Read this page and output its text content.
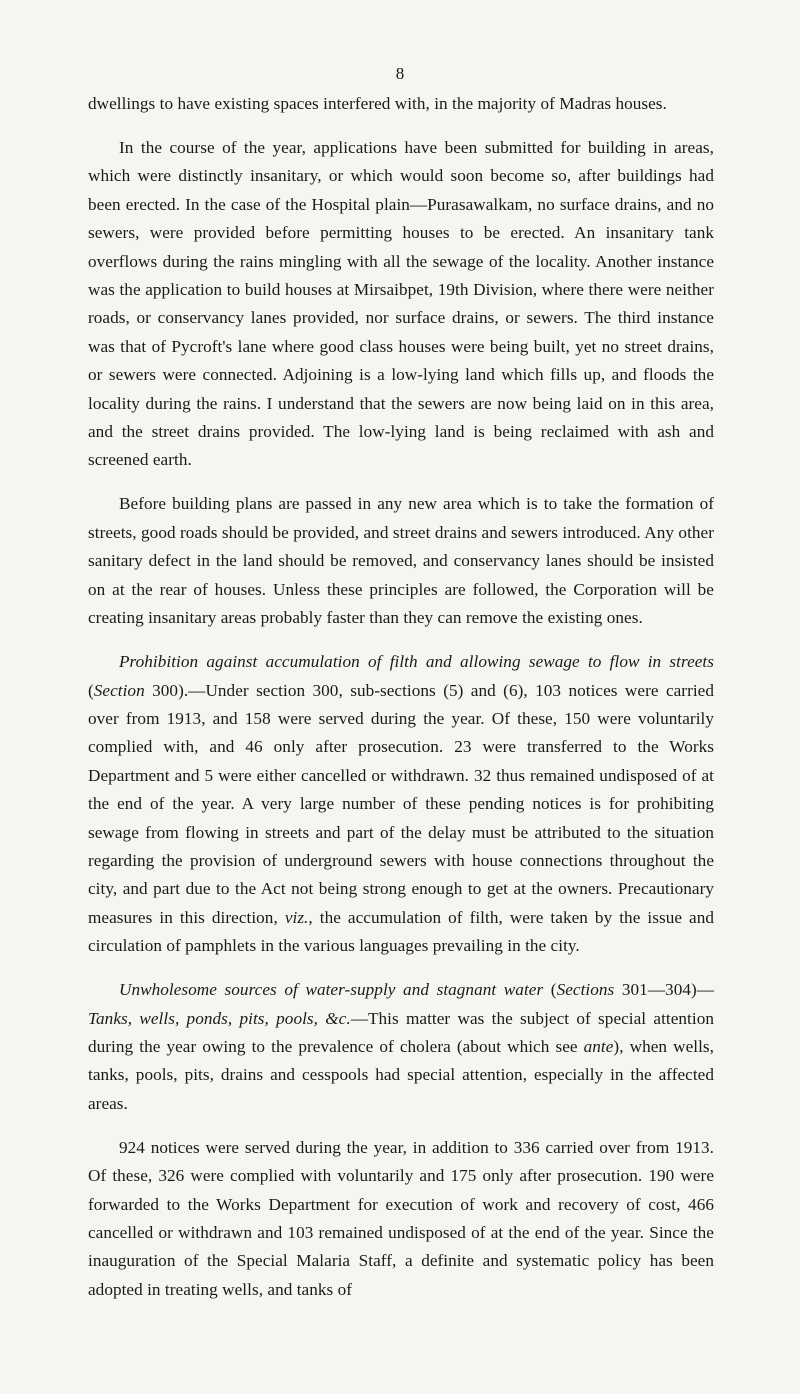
8

dwellings to have existing spaces interfered with, in the majority of Madras houses.

In the course of the year, applications have been submitted for building in areas, which were distinctly insanitary, or which would soon become so, after buildings had been erected. In the case of the Hospital plain—Purasawalkam, no surface drains, and no sewers, were provided before permitting houses to be erected. An insanitary tank overflows during the rains mingling with all the sewage of the locality. Another instance was the application to build houses at Mirsaibpet, 19th Division, where there were neither roads, or conservancy lanes provided, nor surface drains, or sewers. The third instance was that of Pycroft's lane where good class houses were being built, yet no street drains, or sewers were connected. Adjoining is a low-lying land which fills up, and floods the locality during the rains. I understand that the sewers are now being laid on in this area, and the street drains provided. The low-lying land is being reclaimed with ash and screened earth.

Before building plans are passed in any new area which is to take the formation of streets, good roads should be provided, and street drains and sewers introduced. Any other sanitary defect in the land should be removed, and conservancy lanes should be insisted on at the rear of houses. Unless these principles are followed, the Corporation will be creating insanitary areas probably faster than they can remove the existing ones.

Prohibition against accumulation of filth and allowing sewage to flow in streets (Section 300).—Under section 300, sub-sections (5) and (6), 103 notices were carried over from 1913, and 158 were served during the year. Of these, 150 were voluntarily complied with, and 46 only after prosecution. 23 were transferred to the Works Department and 5 were either cancelled or withdrawn. 32 thus remained undisposed of at the end of the year. A very large number of these pending notices is for prohibiting sewage from flowing in streets and part of the delay must be attributed to the situation regarding the provision of underground sewers with house connections throughout the city, and part due to the Act not being strong enough to get at the owners. Precautionary measures in this direction, viz., the accumulation of filth, were taken by the issue and circulation of pamphlets in the various languages prevailing in the city.

Unwholesome sources of water-supply and stagnant water (Sections 301—304)—Tanks, wells, ponds, pits, pools, &c.—This matter was the subject of special attention during the year owing to the prevalence of cholera (about which see ante), when wells, tanks, pools, pits, drains and cesspools had special attention, especially in the affected areas.

924 notices were served during the year, in addition to 336 carried over from 1913. Of these, 326 were complied with voluntarily and 175 only after prosecution. 190 were forwarded to the Works Department for execution of work and recovery of cost, 466 cancelled or withdrawn and 103 remained undisposed of at the end of the year. Since the inauguration of the Special Malaria Staff, a definite and systematic policy has been adopted in treating wells, and tanks of
